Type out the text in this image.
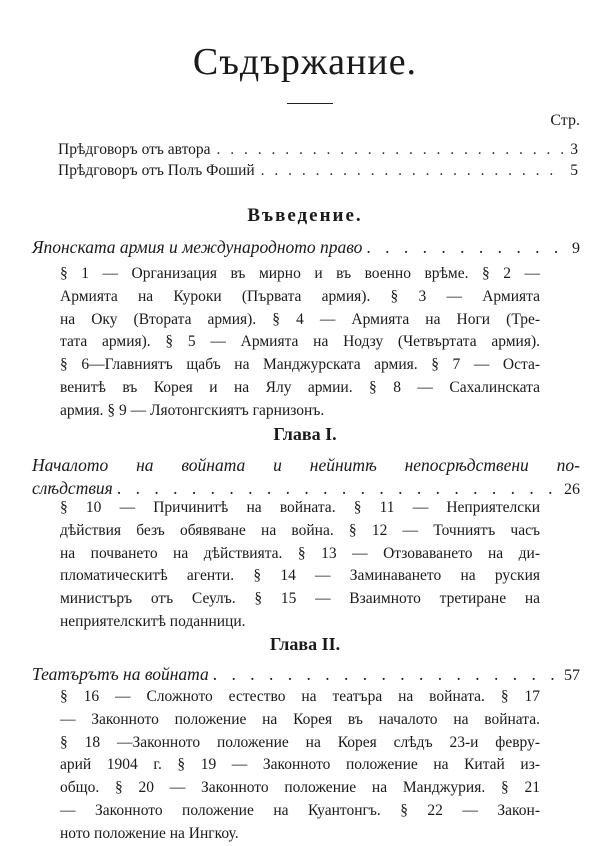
Съдържание.
Стр.
Прѣдговоръ отъ автора . . .	3
Прѣдговоръ отъ Полъ Фоший . . .	5
Въведение.
Японската армия и международното право . . .	9
§ 1 — Организация въ мирно и въ военно врѣме. § 2 —
Армията на Куроки (Първата армия). § 3 — Армията
на Оку (Втората армия). § 4 — Армията на Ноги (Тре-
тата армия). § 5 — Армията на Нодзу (Четвъртата армия).
§ 6—Главниятъ щабъ на Манджурската армия. § 7 — Оста-
венитѣ въ Корея и на Ялу армии. § 8 — Сахалинската
армия. § 9 — Ляотонгскиятъ гарнизонъ.
Глава I.
Началото на войната и нейнитѣ непосрѣдствени по-
слѣдствия . . .	26
§ 10 — Причинитѣ на войната. § 11 — Неприятелски
дѣйствия безъ обявяване на война. § 12 — Точниятъ часъ
на почването на дѣйствията. § 13 — Отзоваването на ди-
пломатическитѣ агенти. § 14 — Заминаването на руския
министъръ отъ Сеулъ. § 15 — Взаимното третиране на
неприятелскитѣ поданници.
Глава II.
Театърътъ на войната . . .	57
§ 16 — Сложното естество на театъра на войната. § 17
— Законното положение на Корея въ началото на войната.
§ 18 —Законното положение на Корея слѣдъ 23-и февру-
арий 1904 г. § 19 — Законното положение на Китай из-
общо. § 20 — Законното положение на Манджурия. § 21
— Законното положение на Куантонгъ. § 22 — Закон-
ното положение на Ингкоу.
